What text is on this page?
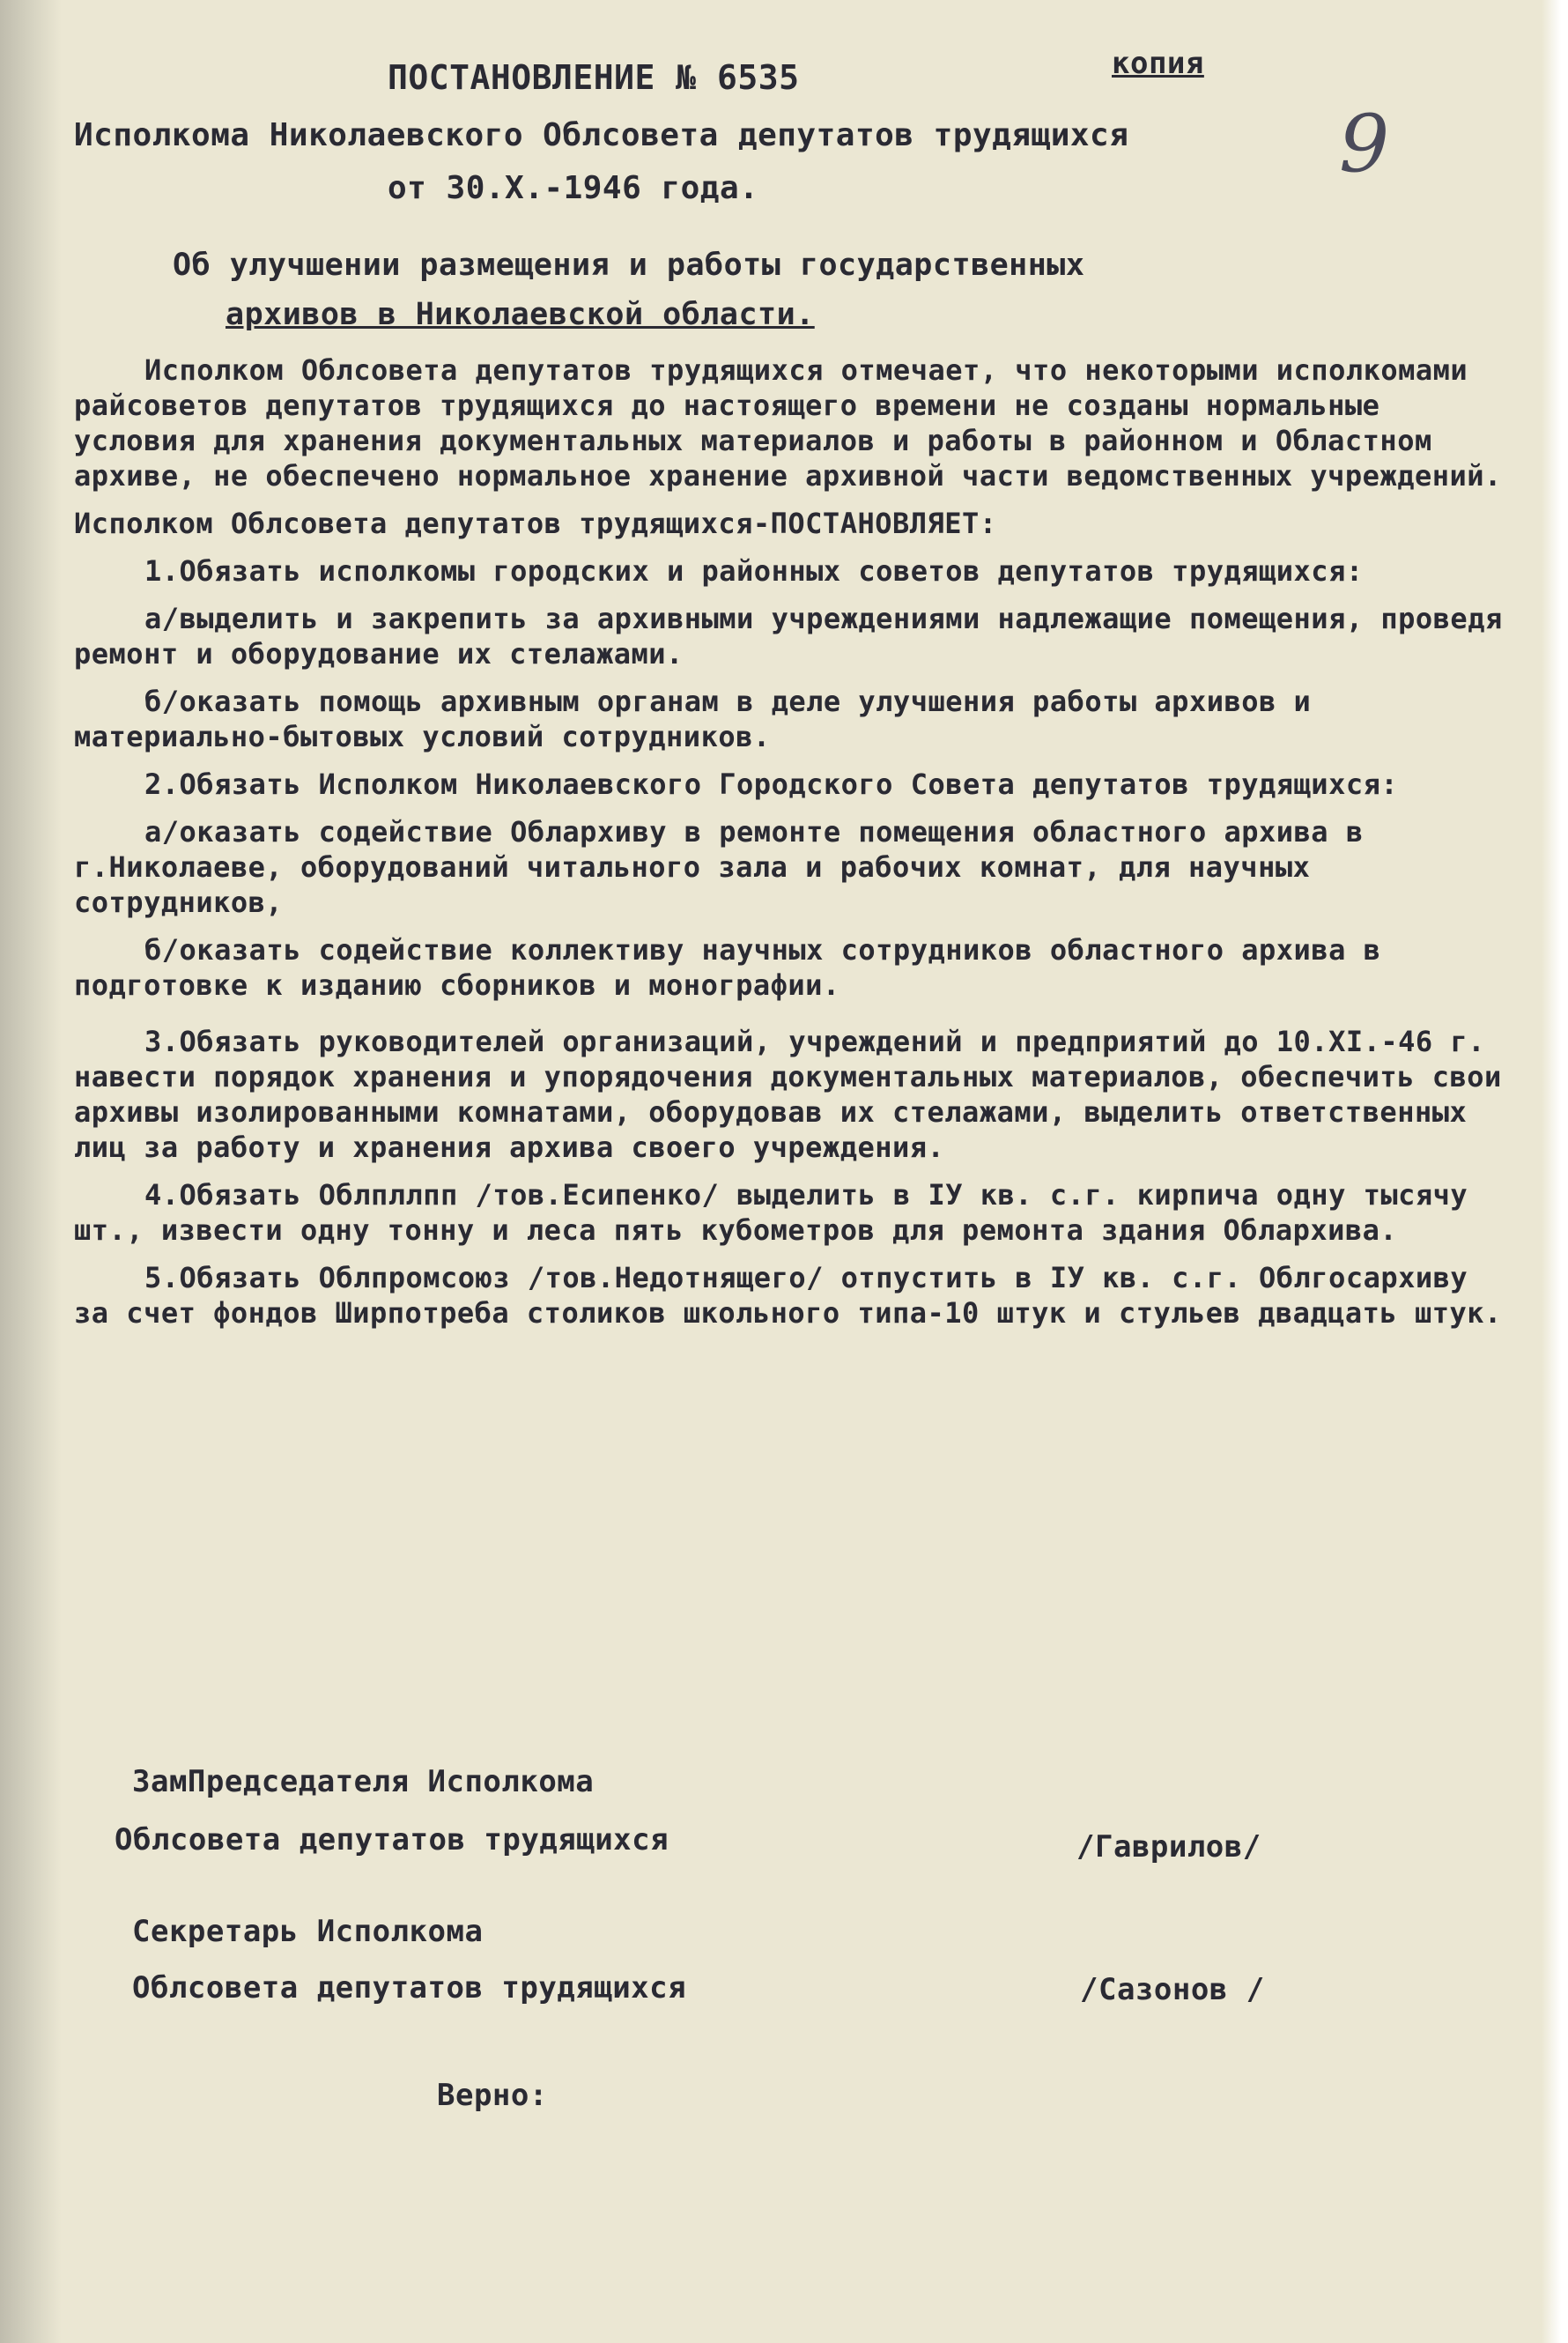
копия
ПОСТАНОВЛЕНИЕ № 6535
Исполкома Николаевского Облсовета депутатов трудящихся
от 30.X.-1946 года.	9
Об улучшении размещения и работы государственных
архивов в Николаевской области.

Исполком Облсовета депутатов трудящихся отмечает, что некоторыми исполкомами райсоветов депутатов трудящихся до настоящего времени не созданы нормальные условия для хранения документальных материалов и работы в районном и Областном архиве, не обеспечено нормальное хранение архивной части ведомственных учреждений.

Исполком Облсовета депутатов трудящихся-ПОСТАНОВЛЯЕТ:

1.Обязать исполкомы городских и районных советов депутатов трудящихся:

а/выделить и закрепить за архивными учреждениями надлежащие помещения, проведя ремонт и оборудование их стелажами.

б/оказать помощь архивным органам в деле улучшения работы архивов и материально-бытовых условий сотрудников.

2.Обязать Исполком Николаевского Городского Совета депутатов трудящихся:

а/оказать содействие Облархиву в ремонте помещения областного архива в г.Николаеве, оборудований читального зала и рабочих комнат, для научных сотрудников,

б/оказать содействие коллективу научных сотрудников областного архива в подготовке к изданию сборников и монографии.

3.Обязать руководителей организаций, учреждений и предприятий до 10.XI.-46 г. навести порядок хранения и упорядочения документальных материалов, обеспечить свои архивы изолированными комнатами, оборудовав их стелажами, выделить ответственных лиц за работу и хранения архива своего учреждения.

4.Обязать Облпллпп /тов.Есипенко/ выделить в IУ кв. с.г. кирпича одну тысячу шт., извести одну тонну и леса пять кубометров для ремонта здания Облархива.

5.Обязать Облпромсоюз /тов.Недотнящего/ отпустить в IУ кв. с.г. Облгосархиву за счет фондов Ширпотреба столиков школьного типа-10 штук и стульев двадцать штук.

ЗамПредседателя Исполкома
Облсовета депутатов трудящихся	/Гаврилов/
Секретарь Исполкома
Облсовета депутатов трудящихся	/Сазонов /
Верно:
